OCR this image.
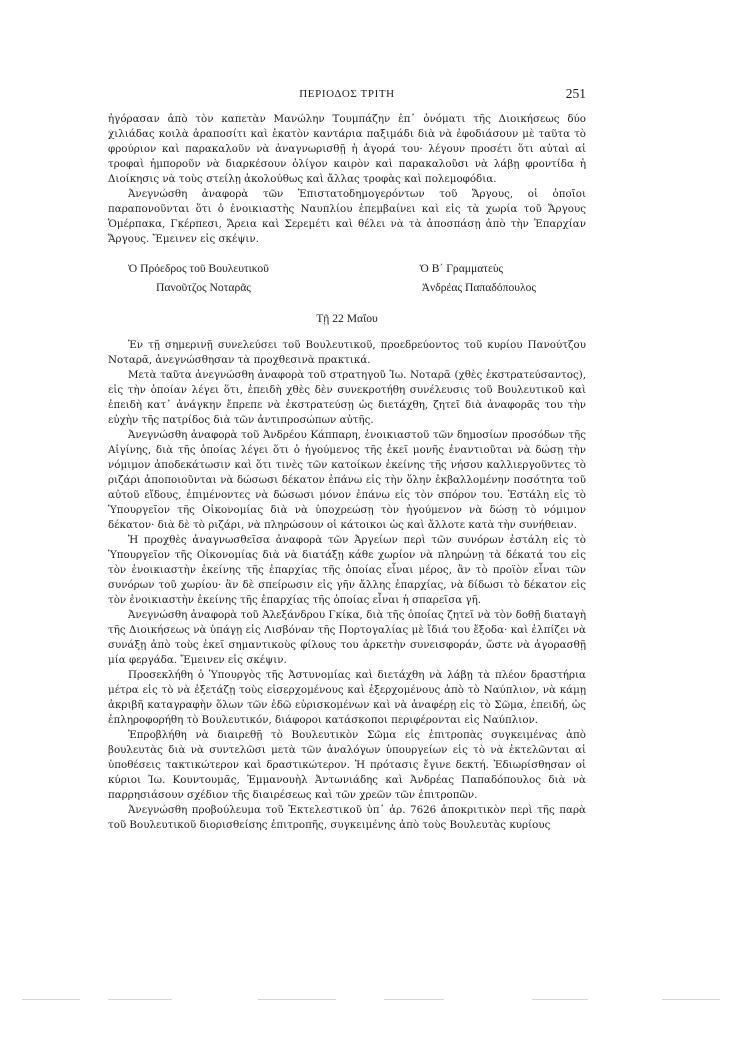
ΠΕΡΙΟΔΟΣ ΤΡΙΤΗ	251

ἠγόρασαν ἀπὸ τὸν καπετὰν Μανώλην Τουμπάζην ἐπ᾽ ὀνόματι τῆς Διοικήσεως δύο χιλιάδας κοιλὰ ἀραποσίτι καὶ ἑκατὸν καντάρια παξιμάδι διὰ νὰ ἐφοδιάσουν μὲ ταῦτα τὸ φρούριον καὶ παρακαλοῦν νὰ ἀναγνωρισθῇ ἡ ἀγορά του· λέγουν προσέτι ὅτι αὐταὶ αἱ τροφαὶ ἠμποροῦν νὰ διαρκέσουν ὀλίγον καιρὸν καὶ παρακαλοῦσι νὰ λάβῃ φροντίδα ἡ Διοίκησις νὰ τοὺς στείλῃ ἀκολούθως καὶ ἄλλας τροφὰς καὶ πολεμοφόδια.

Ἀνεγνώσθη ἀναφορὰ τῶν Ἐπιστατοδημογερόντων τοῦ Ἄργους, οἱ ὁποῖοι παραπονοῦνται ὅτι ὁ ἐνοικιαστὴς Ναυπλίου ἐπεμβαίνει καὶ εἰς τὰ χωρία τοῦ Ἄργους Ὁμέρπακα, Γκέρπεσι, Ἄρεια καὶ Σερεμέτι καὶ θέλει νὰ τὰ ἀποσπάσῃ ἀπὸ τὴν Ἐπαρχίαν Ἄργους. Ἔμεινεν εἰς σκέψιν.

Ὁ Πρόεδρος τοῦ Βουλευτικοῦ
Πανοῦτζος Νοταρᾶς
Ὁ Β΄ Γραμματεὺς
Ἀνδρέας Παπαδόπουλος
Τῇ 22 Μαΐου

Ἐν τῇ σημερινῇ συνελεύσει τοῦ Βουλευτικοῦ, προεδρεύοντος τοῦ κυρίου Πανούτζου Νοταρᾶ, ἀνεγνώσθησαν τὰ προχθεσινὰ πρακτικά.

Μετὰ ταῦτα ἀνεγνώσθη ἀναφορὰ τοῦ στρατηγοῦ Ἰω. Νοταρᾶ (χθὲς ἐκστρατεύσαντος), εἰς τὴν ὁποίαν λέγει ὅτι, ἐπειδὴ χθὲς δὲν συνεκροτήθη συνέλευσις τοῦ Βουλευτικοῦ καὶ ἐπειδὴ κατ᾽ ἀνάγκην ἔπρεπε νὰ ἐκστρατεύσῃ ὡς διετάχθη, ζητεῖ διὰ ἀναφορᾶς του τὴν εὐχὴν τῆς πατρίδος διὰ τῶν ἀντιπροσώπων αὐτῆς.

Ἀνεγνώσθη ἀναφορὰ τοῦ Ἀνδρέου Κάππαρη, ἐνοικιαστοῦ τῶν δημοσίων προσόδων τῆς Αἰγίνης, διὰ τῆς ὁποίας λέγει ὅτι ὁ ἡγούμενος τῆς ἐκεῖ μονῆς ἐναντιοῦται νὰ δώσῃ τὴν νόμιμον ἀποδεκάτωσιν καὶ ὅτι τινὲς τῶν κατοίκων ἐκείνης τῆς νήσου καλλιεργοῦντες τὸ ριζάρι ἀποποιοῦνται νὰ δώσωσι δέκατον ἐπάνω εἰς τὴν ὅλην ἐκβαλλομένην ποσότητα τοῦ αὐτοῦ εἴδους, ἐπιμένοντες νὰ δώσωσι μόνον ἐπάνω εἰς τὸν σπόρον του. Ἐστάλη εἰς τὸ Ὑπουργεῖον τῆς Οἰκονομίας διὰ νὰ ὑποχρεώσῃ τὸν ἡγούμενον νὰ δώσῃ τὸ νόμιμον δέκατον· διὰ δὲ τὸ ριζάρι, νὰ πληρώσουν οἱ κάτοικοι ὡς καὶ ἄλλοτε κατὰ τὴν συνήθειαν.

Ἡ προχθὲς ἀναγνωσθεῖσα ἀναφορὰ τῶν Ἀργείων περὶ τῶν συνόρων ἐστάλη εἰς τὸ Ὑπουργεῖον τῆς Οἰκονομίας διὰ νὰ διατάξῃ κάθε χωρίον νὰ πληρώνῃ τὰ δέκατά του εἰς τὸν ἐνοικιαστὴν ἐκείνης τῆς ἐπαρχίας τῆς ὁποίας εἶναι μέρος, ἂν τὸ προϊὸν εἶναι τῶν συνόρων τοῦ χωρίου· ἂν δὲ σπείρωσιν εἰς γῆν ἄλλης ἐπαρχίας, νὰ δίδωσι τὸ δέκατον εἰς τὸν ἐνοικιαστὴν ἐκείνης τῆς ἐπαρχίας τῆς ὁποίας εἶναι ἡ σπαρεῖσα γῆ.

Ἀνεγνώσθη ἀναφορὰ τοῦ Ἀλεξάνδρου Γκίκα, διὰ τῆς ὁποίας ζητεῖ νὰ τὸν δοθῇ διαταγὴ τῆς Διοικήσεως νὰ ὑπάγῃ εἰς Λισβόναν τῆς Πορτογαλίας μὲ ἴδιά του ἔξοδα· καὶ ἐλπίζει νὰ συνάξῃ ἀπὸ τοὺς ἐκεῖ σημαντικοὺς φίλους του ἀρκετὴν συνεισφοράν, ὥστε νὰ ἀγορασθῇ μία φεργάδα. Ἔμεινεν εἰς σκέψιν.

Προσεκλήθη ὁ Ὑπουργὸς τῆς Ἀστυνομίας καὶ διετάχθη νὰ λάβῃ τὰ πλέον δραστήρια μέτρα εἰς τὸ νὰ ἐξετάζῃ τοὺς εἰσερχομένους καὶ ἐξερχομένους ἀπὸ τὸ Ναύπλιον, νὰ κάμῃ ἀκριβῆ καταγραφὴν ὅλων τῶν ἐδῶ εὑρισκομένων καὶ νὰ ἀναφέρῃ εἰς τὸ Σῶμα, ἐπειδή, ὡς ἐπληροφορήθη τὸ Βουλευτικόν, διάφοροι κατάσκοποι περιφέρονται εἰς Ναύπλιον.

Ἐπροβλήθη νὰ διαιρεθῇ τὸ Βουλευτικὸν Σῶμα εἰς ἐπιτροπὰς συγκειμένας ἀπὸ βουλευτὰς διὰ νὰ συντελῶσι μετὰ τῶν ἀναλόγων ὑπουργείων εἰς τὸ νὰ ἐκτελῶνται αἱ ὑποθέσεις τακτικώτερον καὶ δραστικώτερον. Ἡ πρότασις ἔγινε δεκτή. Ἐδιωρίσθησαν οἱ κύριοι Ἰω. Κουντουμᾶς, Ἐμμανουὴλ Ἀντωνιάδης καὶ Ἀνδρέας Παπαδόπουλος διὰ νὰ παρρησιάσουν σχέδιον τῆς διαιρέσεως καὶ τῶν χρεῶν τῶν ἐπιτροπῶν.

Ἀνεγνώσθη προβούλευμα τοῦ Ἐκτελεστικοῦ ὑπ᾽ ἀρ. 7626 ἀποκριτικὸν περὶ τῆς παρὰ τοῦ Βουλευτικοῦ διορισθείσης ἐπιτροπῆς, συγκειμένης ἀπὸ τοὺς Βουλευτὰς κυρίους
